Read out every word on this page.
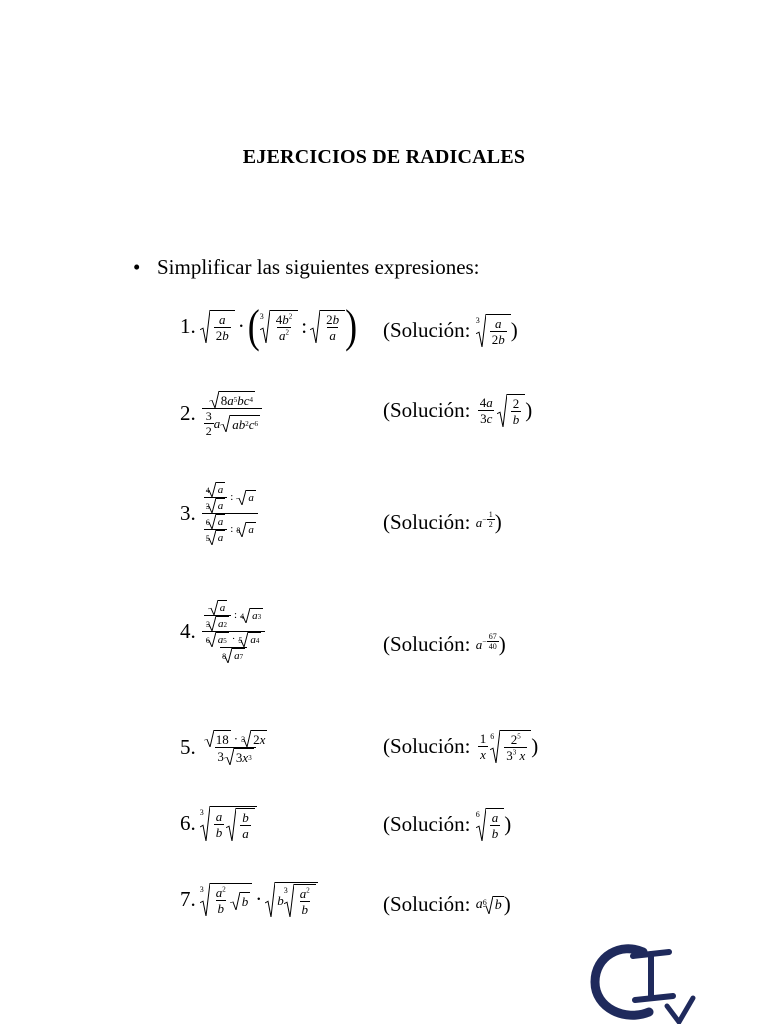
EJERCICIOS DE RADICALES
• Simplificar las siguientes expresiones:
1. a
2b · ( 3 $4b^2$
$a^2$ : 2b
a ) (Solución:
3 a
2b )
2.
8 a 5 bc 4
3
2 a ab 2 c 6
(Solución:
4a
3c
2
b )
3.
4 a
3 a
: a
6 a
5 a
: 8 a	(Solución:
a −
1
2 )
4.
a
3 a 2
: 4 a 3
$\frac{6 a 5 \cdot 5 a 4}{8 a 7}$	(Solución:
a −
67
40 )
5. 18 · 3 2 x
3 3 x 3	(Solución:
1
x
6 $2^5$
$3^3$ x )
6. 3 a
b
b
a	(Solución:
6 a
b )
7. 3 $a^2$
b b · b
3 $a^2$
b	(Solución:
a 6 b )
